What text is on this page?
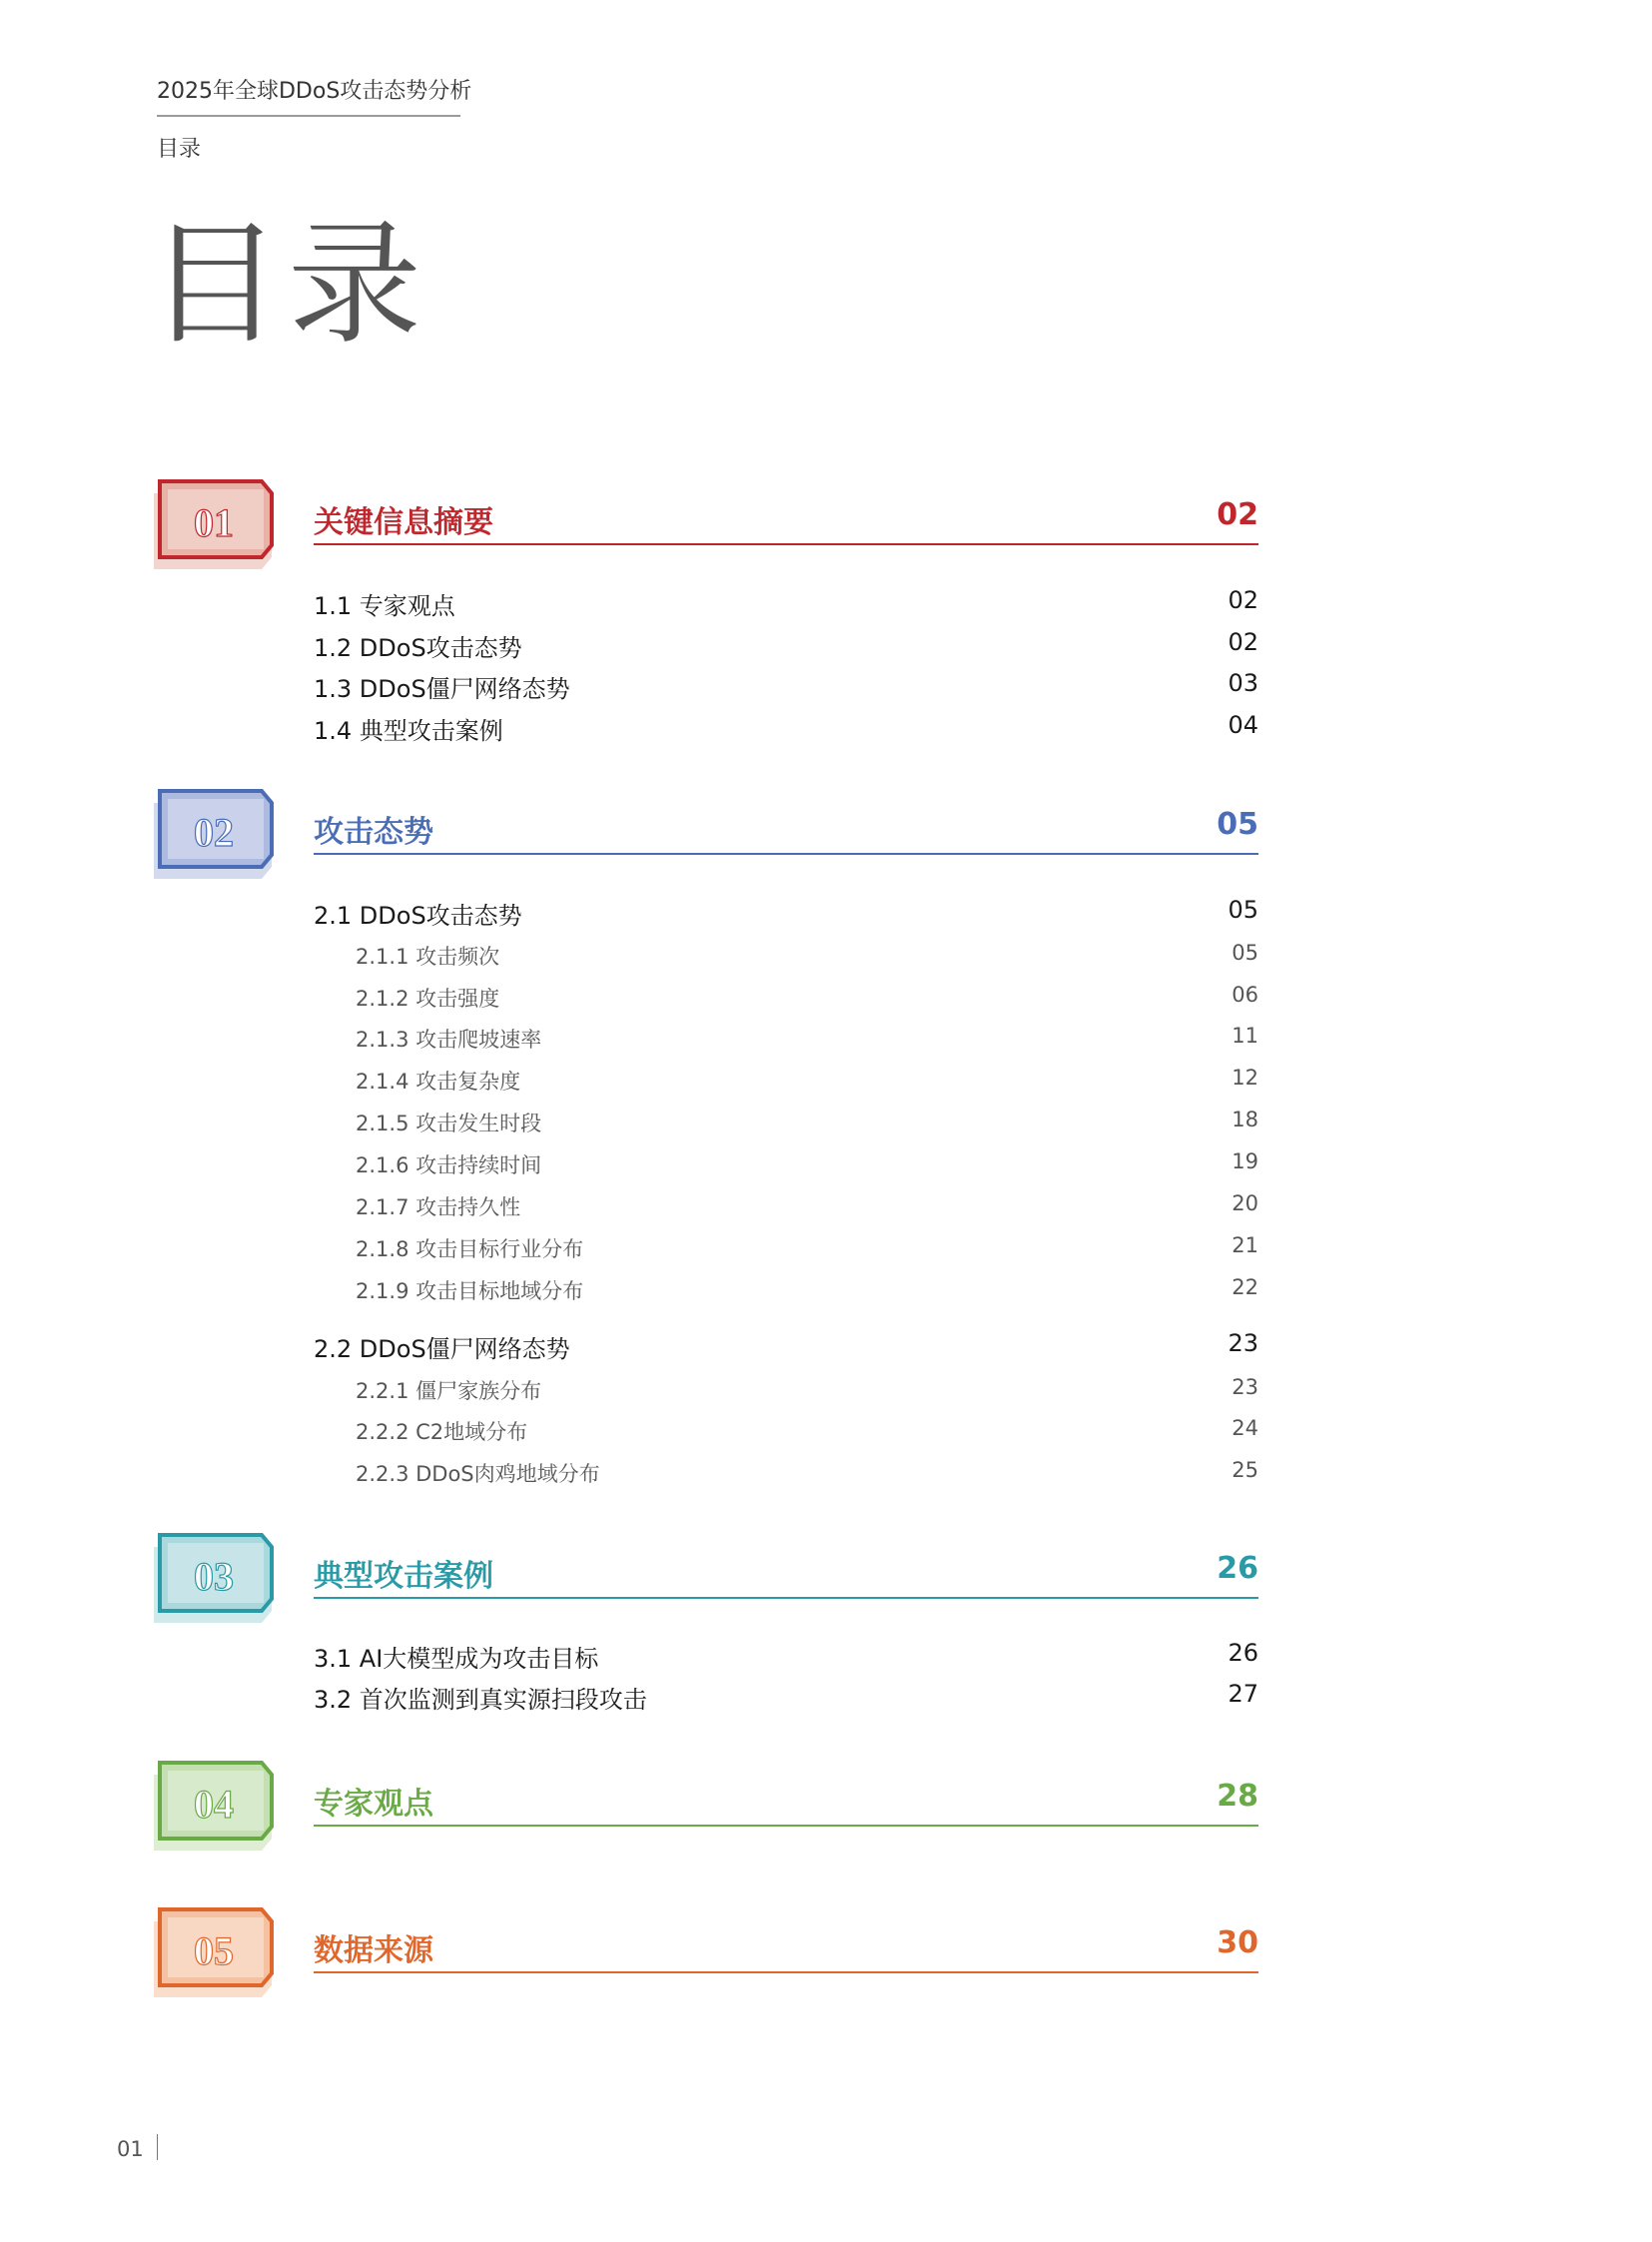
2025年全球DDoS攻击态势分析
目录
目录
01	关键信息摘要	02
1.1 专家观点	02
1.2 DDoS攻击态势	02
1.3 DDoS僵尸网络态势	03
1.4 典型攻击案例	04
02	攻击态势	05
2.1 DDoS攻击态势	05
2.1.1 攻击频次	05
2.1.2 攻击强度	06
2.1.3 攻击爬坡速率	11
2.1.4 攻击复杂度	12
2.1.5 攻击发生时段	18
2.1.6 攻击持续时间	19
2.1.7 攻击持久性	20
2.1.8 攻击目标行业分布	21
2.1.9 攻击目标地域分布	22
2.2 DDoS僵尸网络态势	23
2.2.1 僵尸家族分布	23
2.2.2 C2地域分布	24
2.2.3 DDoS肉鸡地域分布	25
03	典型攻击案例	26
3.1 AI大模型成为攻击目标	26
3.2 首次监测到真实源扫段攻击	27
04	专家观点	28
05	数据来源	30
01
